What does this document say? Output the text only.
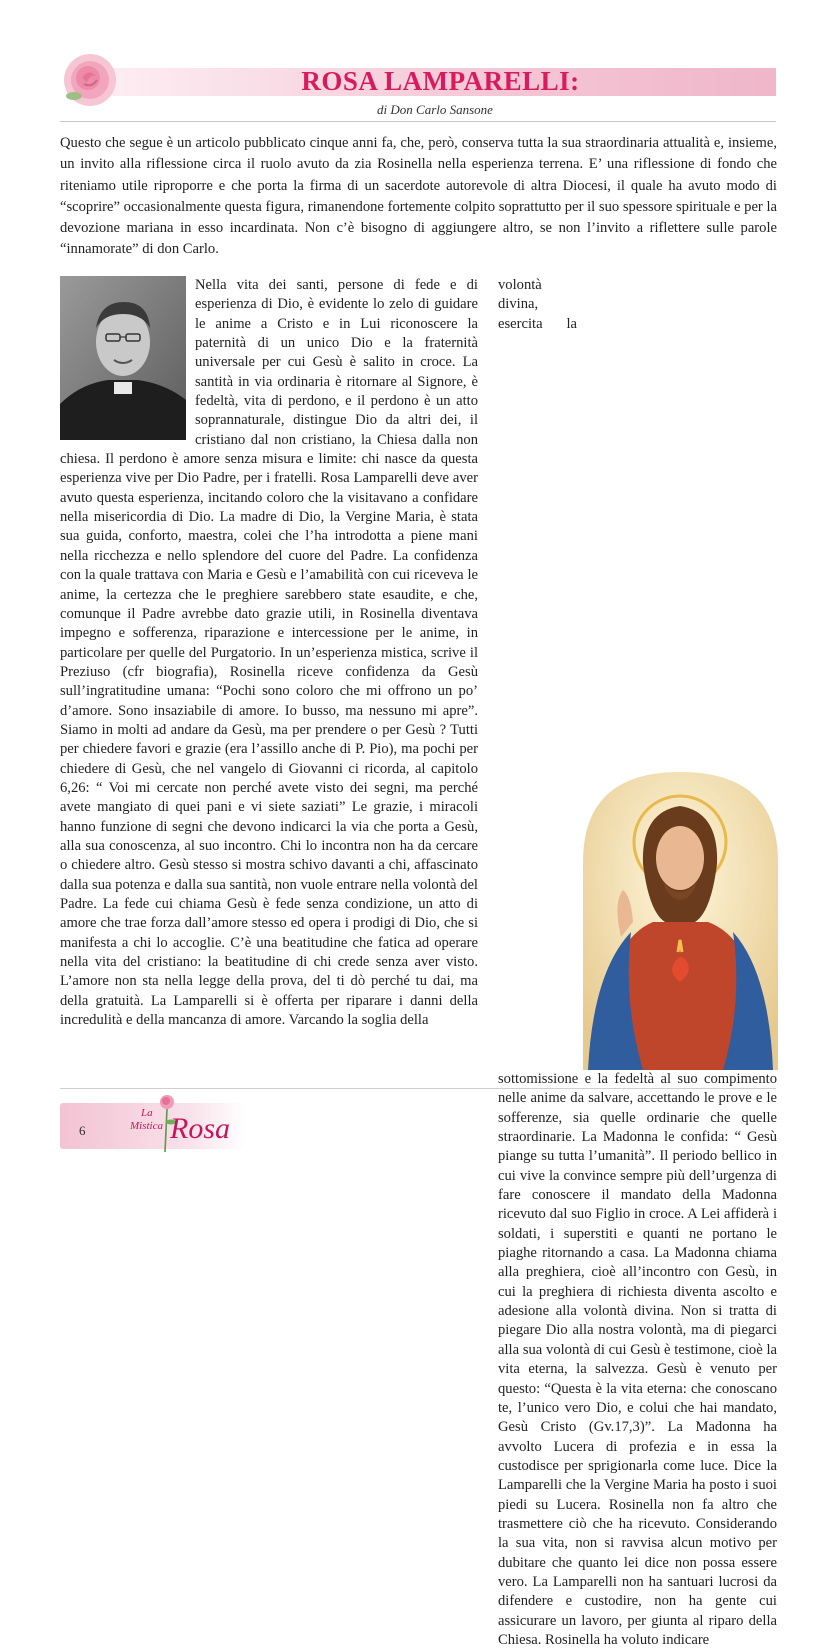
ROSA LAMPARELLI:
di Don Carlo Sansone
Questo che segue è un articolo pubblicato cinque anni fa, che, però, conserva tutta la sua straordinaria attualità e, insieme, un invito alla riflessione circa il ruolo avuto da zia Rosinella nella esperienza terrena. E’ una riflessione di fondo che riteniamo utile riproporre e che porta la firma di un sacerdote autorevole di altra Diocesi, il quale ha avuto modo di “scoprire” occasionalmente questa figura, rimanendone fortemente colpito soprattutto per il suo spessore spirituale e per la devozione mariana in esso incardinata. Non c’è bisogno di aggiungere altro, se non l’invito a riflettere sulle parole “innamorate” di don Carlo.

Nella vita dei santi, persone di fede e di esperienza di Dio, è evidente lo zelo di guidare le anime a Cristo e in Lui riconoscere la paternità di un unico Dio e la fraternità universale per cui Gesù è salito in croce. La santità in via ordinaria è ritornare al Signore, è fedeltà, vita di perdono, e il perdono è un atto soprannaturale, distingue Dio da altri dei, il cristiano dal non cristiano, la Chiesa dalla non chiesa. Il perdono è amore senza misura e limite: chi nasce da questa esperienza vive per Dio Padre, per i fratelli. Rosa Lamparelli deve aver avuto questa esperienza, incitando coloro che la visitavano a confidare nella misericordia di Dio. La madre di Dio, la Vergine Maria, è stata sua guida, conforto, maestra, colei che l’ha introdotta a piene mani nella ricchezza e nello splendore del cuore del Padre. La confidenza con la quale trattava con Maria e Gesù e l’amabilità con cui riceveva le anime, la certezza che le preghiere sarebbero state esaudite, e che, comunque il Padre avrebbe dato grazie utili, in Rosinella diventava impegno e sofferenza, riparazione e intercessione per le anime, in particolare per quelle del Purgatorio. In un’esperienza mistica, scrive il Preziuso (cfr biografia), Rosinella riceve confidenza da Gesù sull’ingratitudine umana: “Pochi sono coloro che mi offrono un po’ d’amore. Sono insaziabile di amore. Io busso, ma nessuno mi apre”. Siamo in molti ad andare da Gesù, ma per prendere o per Gesù ? Tutti per chiedere favori e grazie (era l’assillo anche di P. Pio), ma pochi per chiedere di Gesù, che nel vangelo di Giovanni ci ricorda, al capitolo 6,26: “ Voi mi cercate non perché avete visto dei segni, ma perché avete mangiato di quei pani e vi siete saziati” Le grazie, i miracoli hanno funzione di segni che devono indicarci la via che porta a Gesù, alla sua conoscenza, al suo incontro. Chi lo incontra non ha da cercare o chiedere altro. Gesù stesso si mostra schivo davanti a chi, affascinato dalla sua potenza e dalla sua santità, non vuole entrare nella volontà del Padre. La fede cui chiama Gesù è fede senza condizione, un atto di amore che trae forza dall’amore stesso ed opera i prodigi di Dio, che si manifesta a chi lo accoglie. C’è una beatitudine che fatica ad operare nella vita del cristiano: la beatitudine di chi crede senza aver visto. L’amore non sta nella legge della prova, del ti dò perché tu dai, ma della gratuità. La Lamparelli si è offerta per riparare i danni della incredulità e della mancanza di amore. Varcando la soglia della

volontà divina, esercita la sottomissione e la fedeltà al suo compimento nelle anime da salvare, accettando le prove e le sofferenze, sia quelle ordinarie che quelle straordinarie. La Madonna le confida: “ Gesù piange su tutta l’umanità”. Il periodo bellico in cui vive la convince sempre più dell’urgenza di fare conoscere il mandato della Madonna ricevuto dal suo Figlio in croce. A Lei affiderà i soldati, i superstiti e quanti ne portano le piaghe ritornando a casa. La Madonna chiama alla preghiera, cioè all’incontro con Gesù, in cui la preghiera di richiesta diventa ascolto e adesione alla volontà divina. Non si tratta di piegare Dio alla nostra volontà, ma di piegarci alla sua volontà di cui Gesù è testimone, cioè la vita eterna, la salvezza. Gesù è venuto per questo: “Questa è la vita eterna: che conoscano te, l’unico vero Dio, e colui che hai mandato, Gesù Cristo (Gv.17,3)”. La Madonna ha avvolto Lucera di profezia e in essa la custodisce per sprigionarla come luce. Dice la Lamparelli che la Vergine Maria ha posto i suoi piedi su Lucera. Rosinella non fa altro che trasmettere ciò che ha ricevuto. Considerando la sua vita, non si ravvisa alcun motivo per dubitare che quanto lei dice non possa essere vero. La Lamparelli non ha santuari lucrosi da difendere e custodire, non ha gente cui assicurare un lavoro, per giunta al riparo della Chiesa. Rosinella ha voluto indicare

6
La
Mistica Rosa
